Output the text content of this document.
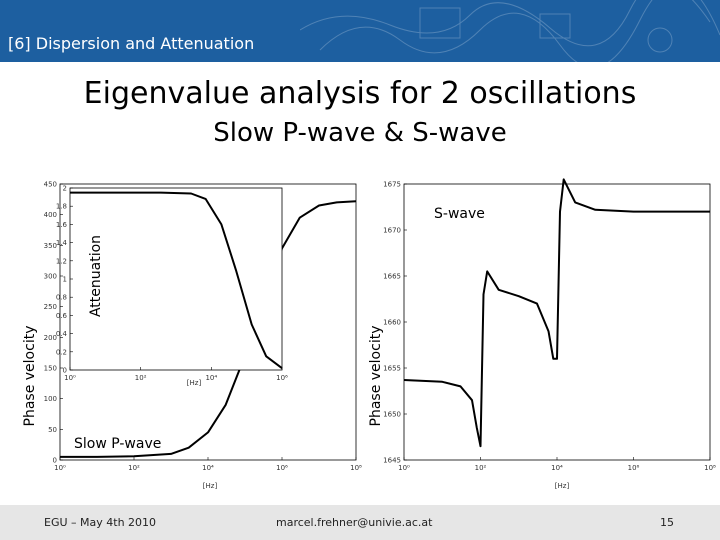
[6] Dispersion and Attenuation
Eigenvalue analysis for 2 oscillations
Slow P-wave & S-wave
0
50
100
150
200
250
300
350
400
450
10⁰	10²	10⁴	10⁶	10⁸
Phase velocity
Slow P-wave
[Hz]
0
0.2
0.4
0.6
0.8
1
1.2
1.4
1.6
1.8
2
10⁰	10²	10⁴	10⁶
Attenuation
[Hz]
1645
1650
1655
1660
1665
1670
1675
10⁰	10²	10⁴	10⁶	10⁸
Phase velocity
S-wave
[Hz]
EGU – May 4th 2010	marcel.frehner@univie.ac.at	15
